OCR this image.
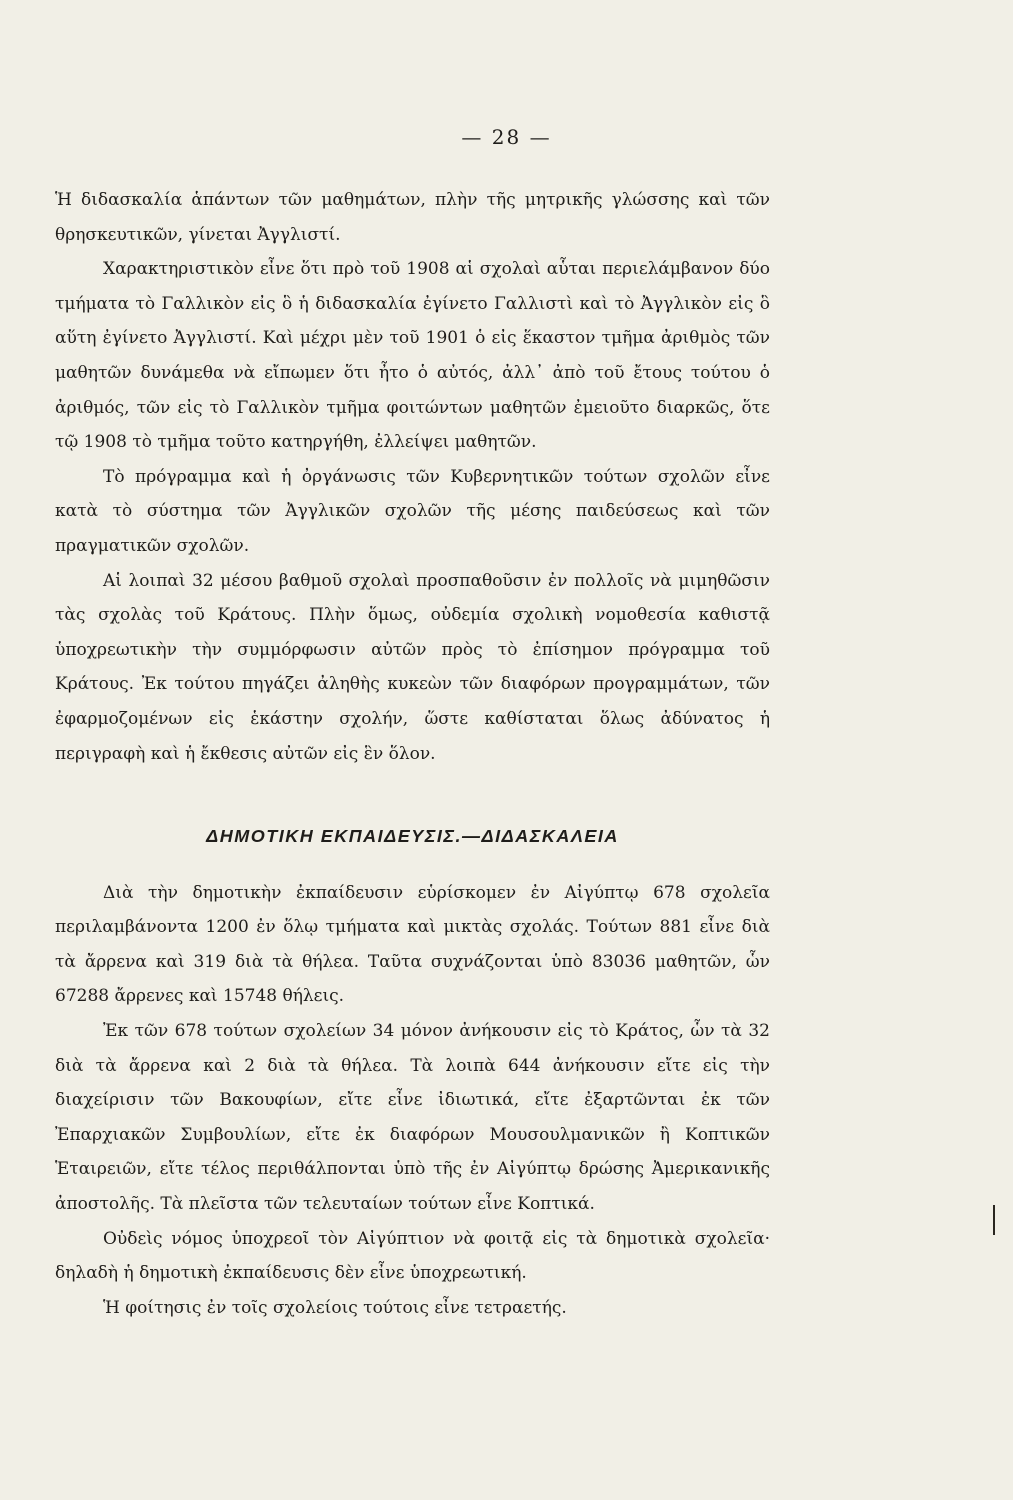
— 28 —

Ἡ διδασκαλία ἁπάντων τῶν μαθημάτων, πλὴν τῆς μητρικῆς γλώσσης καὶ τῶν θρησκευτικῶν, γίνεται Ἀγγλιστί.

Χαρακτηριστικὸν εἶνε ὅτι πρὸ τοῦ 1908 αἱ σχολαὶ αὗται περιελάμβανον δύο τμήματα τὸ Γαλλικὸν εἰς ὃ ἡ διδασκαλία ἐγίνετο Γαλλιστὶ καὶ τὸ Ἀγγλικὸν εἰς ὃ αὕτη ἐγίνετο Ἀγγλιστί. Καὶ μέχρι μὲν τοῦ 1901 ὁ εἰς ἕκαστον τμῆμα ἀριθμὸς τῶν μαθητῶν δυνάμεθα νὰ εἴπωμεν ὅτι ἦτο ὁ αὐτός, ἀλλ᾽ ἀπὸ τοῦ ἔτους τούτου ὁ ἀριθμός, τῶν εἰς τὸ Γαλλικὸν τμῆμα φοιτώντων μαθητῶν ἐμειοῦτο διαρκῶς, ὅτε τῷ 1908 τὸ τμῆμα τοῦτο κατηργήθη, ἐλλείψει μαθητῶν.

Τὸ πρόγραμμα καὶ ἡ ὀργάνωσις τῶν Κυβερνητικῶν τούτων σχολῶν εἶνε κατὰ τὸ σύστημα τῶν Ἀγγλικῶν σχολῶν τῆς μέσης παιδεύσεως καὶ τῶν πραγματικῶν σχολῶν.

Αἱ λοιπαὶ 32 μέσου βαθμοῦ σχολαὶ προσπαθοῦσιν ἐν πολλοῖς νὰ μιμηθῶσιν τὰς σχολὰς τοῦ Κράτους. Πλὴν ὅμως, οὐδεμία σχολικὴ νομοθεσία καθιστᾷ ὑποχρεωτικὴν τὴν συμμόρφωσιν αὐτῶν πρὸς τὸ ἐπίσημον πρόγραμμα τοῦ Κράτους. Ἐκ τούτου πηγάζει ἀληθὴς κυκεὼν τῶν διαφόρων προγραμμάτων, τῶν ἐφαρμοζομένων εἰς ἑκάστην σχολήν, ὥστε καθίσταται ὅλως ἀδύνατος ἡ περιγραφὴ καὶ ἡ ἔκθεσις αὐτῶν εἰς ἓν ὅλον.

ΔΗΜΟΤΙΚΗ ΕΚΠΑΙΔΕΥΣΙΣ.—ΔΙΔΑΣΚΑΛΕΙΑ

Διὰ τὴν δημοτικὴν ἐκπαίδευσιν εὑρίσκομεν ἐν Αἰγύπτῳ 678 σχολεῖα περιλαμβάνοντα 1200 ἐν ὅλῳ τμήματα καὶ μικτὰς σχολάς. Τούτων 881 εἶνε διὰ τὰ ἄρρενα καὶ 319 διὰ τὰ θήλεα. Ταῦτα συχνάζονται ὑπὸ 83036 μαθητῶν, ὧν 67288 ἄρρενες καὶ 15748 θήλεις.

Ἐκ τῶν 678 τούτων σχολείων 34 μόνον ἀνήκουσιν εἰς τὸ Κράτος, ὧν τὰ 32 διὰ τὰ ἄρρενα καὶ 2 διὰ τὰ θήλεα. Τὰ λοιπὰ 644 ἀνήκουσιν εἴτε εἰς τὴν διαχείρισιν τῶν Βακουφίων, εἴτε εἶνε ἰδιωτικά, εἴτε ἐξαρτῶνται ἐκ τῶν Ἐπαρχιακῶν Συμβουλίων, εἴτε ἐκ διαφόρων Μουσουλμανικῶν ἢ Κοπτικῶν Ἑταιρειῶν, εἴτε τέλος περιθάλπονται ὑπὸ τῆς ἐν Αἰγύπτῳ δρώσης Ἀμερικανικῆς ἀποστολῆς. Τὰ πλεῖστα τῶν τελευταίων τούτων εἶνε Κοπτικά.

Οὐδεὶς νόμος ὑποχρεοῖ τὸν Αἰγύπτιον νὰ φοιτᾷ εἰς τὰ δημοτικὰ σχολεῖα· δηλαδὴ ἡ δημοτικὴ ἐκπαίδευσις δὲν εἶνε ὑποχρεωτική.

Ἡ φοίτησις ἐν τοῖς σχολείοις τούτοις εἶνε τετραετής.
